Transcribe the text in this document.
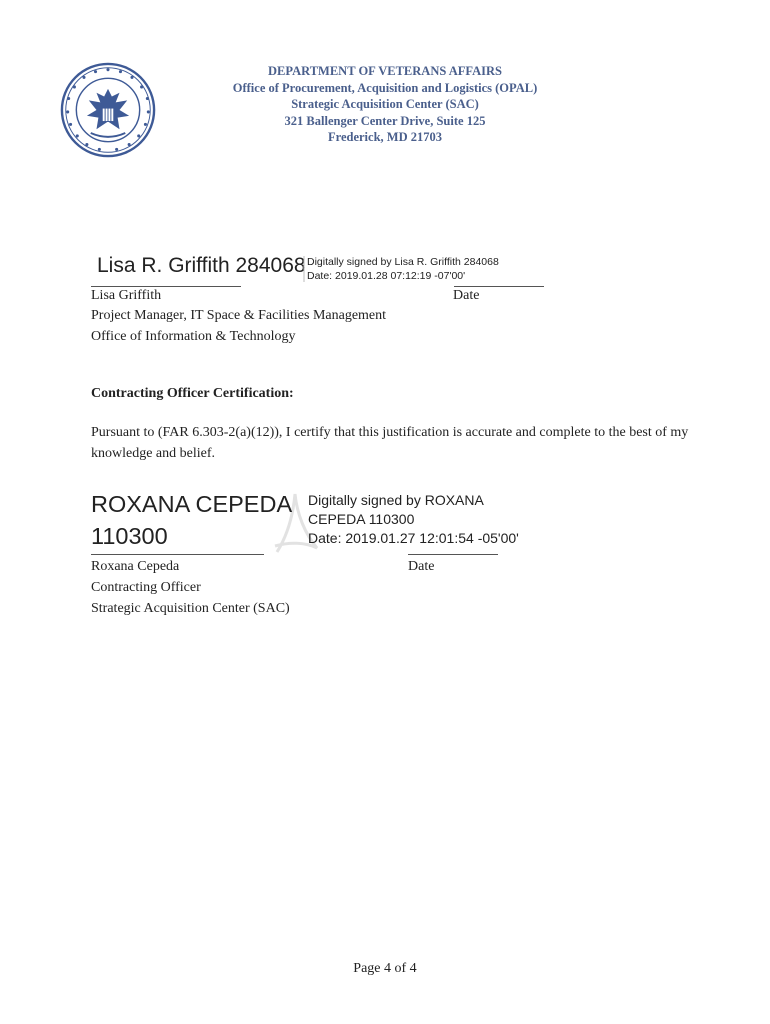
DEPARTMENT OF VETERANS AFFAIRS
Office of Procurement, Acquisition and Logistics (OPAL)
Strategic Acquisition Center (SAC)
321 Ballenger Center Drive, Suite 125
Frederick, MD 21703
Lisa R. Griffith 284068 Digitally signed by Lisa R. Griffith 284068
Date: 2019.01.28 07:12:19 -07'00'
Lisa Griffith	Date
Project Manager, IT Space & Facilities Management
Office of Information & Technology
Contracting Officer Certification:
Pursuant to (FAR 6.303-2(a)(12)), I certify that this justification is accurate and complete to the best of my knowledge and belief.
ROXANA CEPEDA
110300
Digitally signed by ROXANA
CEPEDA 110300
Date: 2019.01.27 12:01:54 -05'00'
Roxana Cepeda	Date
Contracting Officer
Strategic Acquisition Center (SAC)
Page 4 of 4
